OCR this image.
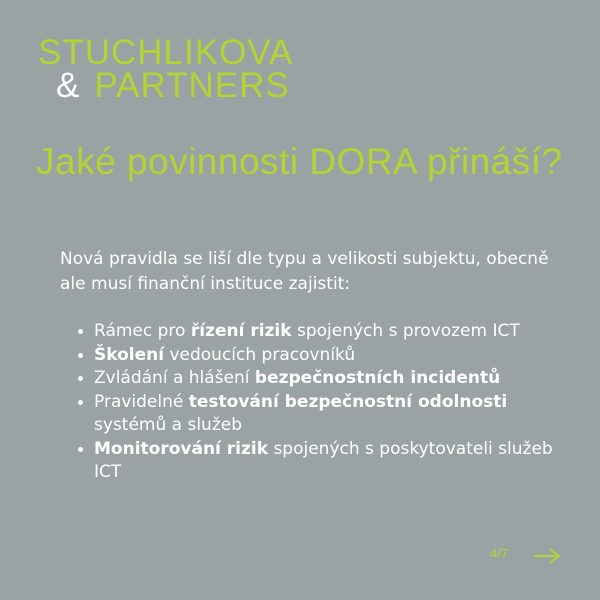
STUCHLIKOVA
& PARTNERS
Jaké povinnosti DORA přináší?
Nová pravidla se liší dle typu a velikosti subjektu, obecně ale musí finanční instituce zajistit:
• Rámec pro řízení rizik spojených s provozem ICT
• Školení vedoucích pracovníků
• Zvládání a hlášení bezpečnostních incidentů
• Pravidelné testování bezpečnostní odolnosti systémů a služeb
• Monitorování rizik spojených s poskytovateli služeb ICT
4/7
